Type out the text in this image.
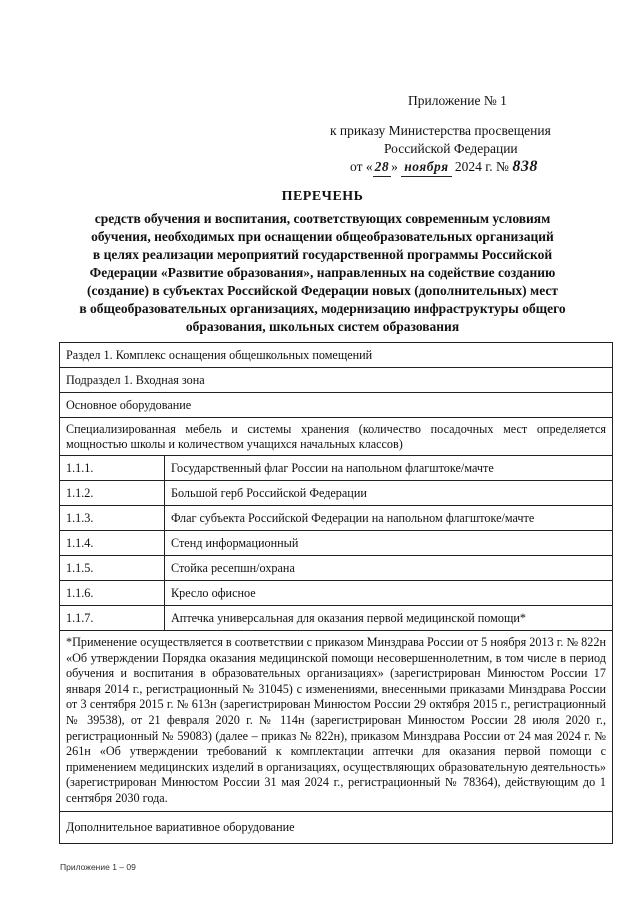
Приложение № 1
к приказу Министерства просвещения
Российской Федерации
от « 28 » ноября 2024 г. № 838
ПЕРЕЧЕНЬ
средств обучения и воспитания, соответствующих современным условиям
обучения, необходимых при оснащении общеобразовательных организаций
в целях реализации мероприятий государственной программы Российской
Федерации «Развитие образования», направленных на содействие созданию
(создание) в субъектах Российской Федерации новых (дополнительных) мест
в общеобразовательных организациях, модернизацию инфраструктуры общего
образования, школьных систем образования
Раздел 1. Комплекс оснащения общешкольных помещений	
Подраздел 1. Входная зона	
Основное оборудование	
Специализированная мебель и системы хранения (количество посадочных мест определяется мощностью школы и количеством учащихся начальных классов)	
1.1.1.	Государственный флаг России на напольном флагштоке/мачте
1.1.2.	Большой герб Российской Федерации
1.1.3.	Флаг субъекта Российской Федерации на напольном флагштоке/мачте
1.1.4.	Стенд информационный
1.1.5.	Стойка ресепшн/охрана
1.1.6.	Кресло офисное
1.1.7.	Аптечка универсальная для оказания первой медицинской помощи*
*Применение осуществляется в соответствии с приказом Минздрава России от 5 ноября 2013 г. № 822н «Об утверждении Порядка оказания медицинской помощи несовершеннолетним, в том числе в период обучения и воспитания в образовательных организациях» (зарегистрирован Минюстом России 17 января 2014 г., регистрационный № 31045) с изменениями, внесенными приказами Минздрава России от 3 сентября 2015 г. № 613н (зарегистрирован Минюстом России 29 октября 2015 г., регистрационный № 39538), от 21 февраля 2020 г. № 114н (зарегистрирован Минюстом России 28 июля 2020 г., регистрационный № 59083) (далее – приказ № 822н), приказом Минздрава России от 24 мая 2024 г. № 261н «Об утверждении требований к комплектации аптечки для оказания первой помощи с применением медицинских изделий в организациях, осуществляющих образовательную деятельность» (зарегистрирован Минюстом России 31 мая 2024 г., регистрационный № 78364), действующим до 1 сентября 2030 года.	
Дополнительное вариативное оборудование	
Приложение 1 – 09
